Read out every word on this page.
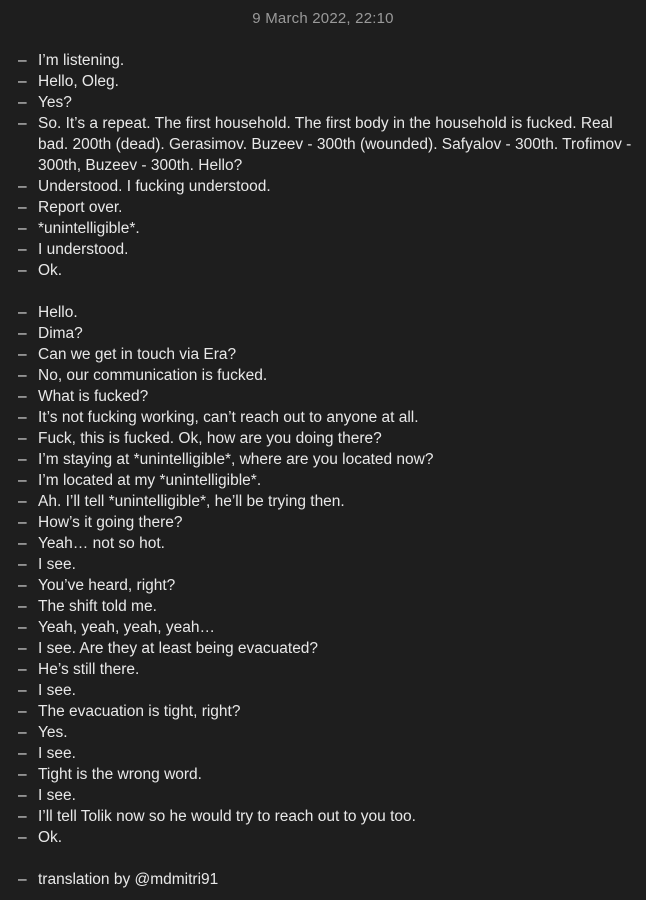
9 March 2022, 22:10
– I’m listening.
– Hello, Oleg.
– Yes?
– So. It’s a repeat. The first household. The first body in the household is fucked. Real bad. 200th (dead). Gerasimov. Buzeev - 300th (wounded). Safyalov - 300th. Trofimov - 300th, Buzeev - 300th. Hello?
– Understood. I fucking understood.
– Report over.
– *unintelligible*.
– I understood.
– Ok.
– Hello.
– Dima?
– Can we get in touch via Era?
– No, our communication is fucked.
– What is fucked?
– It’s not fucking working, can’t reach out to anyone at all.
– Fuck, this is fucked. Ok, how are you doing there?
– I’m staying at *unintelligible*, where are you located now?
– I’m located at my *unintelligible*.
– Ah. I’ll tell *unintelligible*, he’ll be trying then.
– How’s it going there?
– Yeah… not so hot.
– I see.
– You’ve heard, right?
– The shift told me.
– Yeah, yeah, yeah, yeah…
– I see. Are they at least being evacuated?
– He’s still there.
– I see.
– The evacuation is tight, right?
– Yes.
– I see.
– Tight is the wrong word.
– I see.
– I’ll tell Tolik now so he would try to reach out to you too.
– Ok.
– translation by @mdmitri91
